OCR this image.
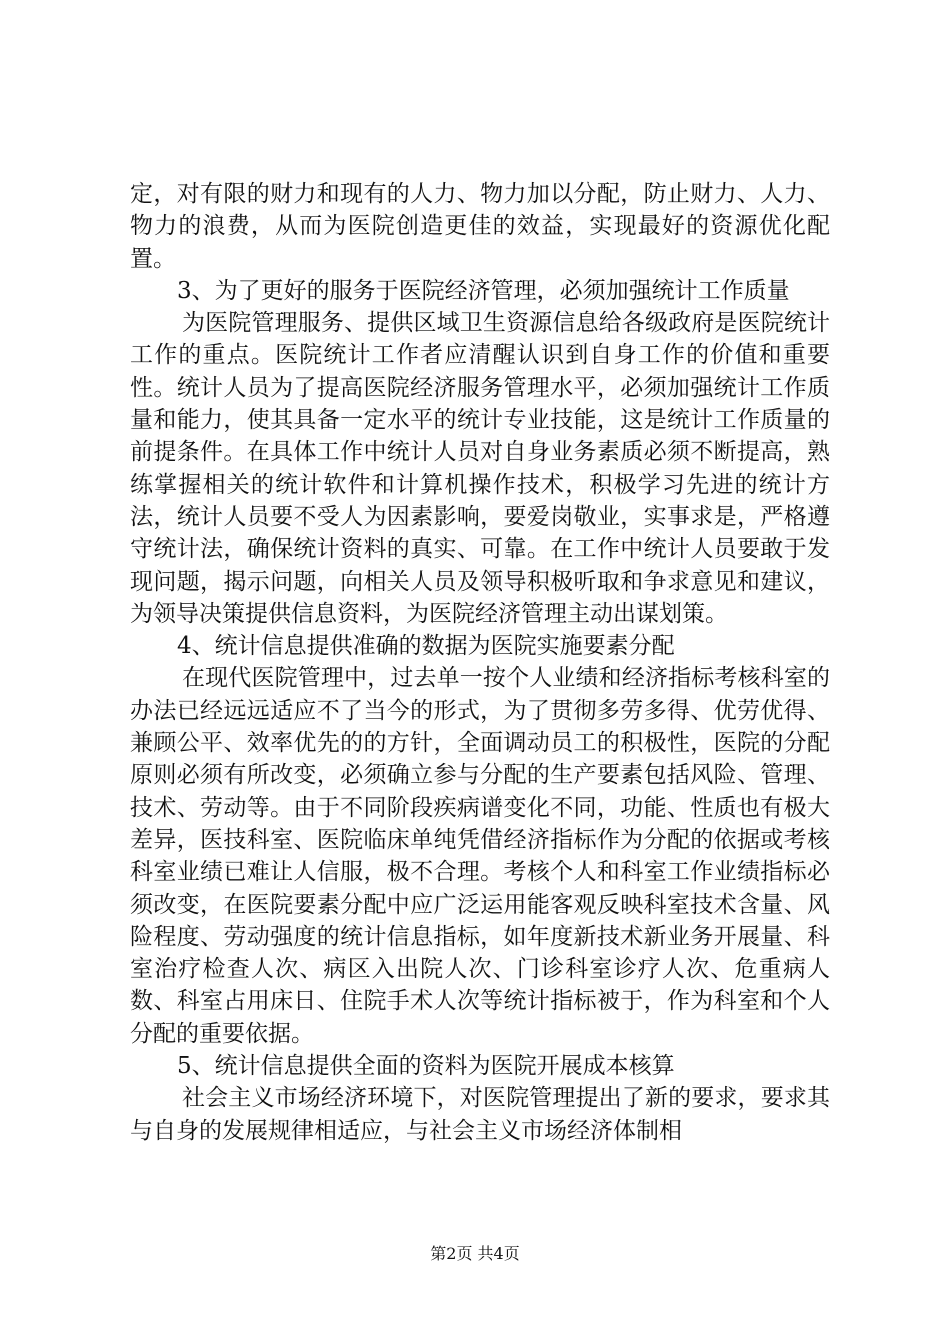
定，对有限的财力和现有的人力、物力加以分配，防止财力、人力、物力的浪费，从而为医院创造更佳的效益，实现最好的资源优化配置。

3、为了更好的服务于医院经济管理，必须加强统计工作质量

为医院管理服务、提供区域卫生资源信息给各级政府是医院统计工作的重点。医院统计工作者应清醒认识到自身工作的价值和重要性。统计人员为了提高医院经济服务管理水平，必须加强统计工作质量和能力，使其具备一定水平的统计专业技能，这是统计工作质量的前提条件。在具体工作中统计人员对自身业务素质必须不断提高，熟练掌握相关的统计软件和计算机操作技术，积极学习先进的统计方法，统计人员要不受人为因素影响，要爱岗敬业，实事求是，严格遵守统计法，确保统计资料的真实、可靠。在工作中统计人员要敢于发现问题，揭示问题，向相关人员及领导积极听取和争求意见和建议，为领导决策提供信息资料，为医院经济管理主动出谋划策。

4、统计信息提供准确的数据为医院实施要素分配

在现代医院管理中，过去单一按个人业绩和经济指标考核科室的办法已经远远适应不了当今的形式，为了贯彻多劳多得、优劳优得、兼顾公平、效率优先的的方针，全面调动员工的积极性，医院的分配原则必须有所改变，必须确立参与分配的生产要素包括风险、管理、技术、劳动等。由于不同阶段疾病谱变化不同，功能、性质也有极大差异，医技科室、医院临床单纯凭借经济指标作为分配的依据或考核科室业绩已难让人信服，极不合理。考核个人和科室工作业绩指标必须改变，在医院要素分配中应广泛运用能客观反映科室技术含量、风险程度、劳动强度的统计信息指标，如年度新技术新业务开展量、科室治疗检查人次、病区入出院人次、门诊科室诊疗人次、危重病人数、科室占用床日、住院手术人次等统计指标被于，作为科室和个人分配的重要依据。

5、统计信息提供全面的资料为医院开展成本核算

社会主义市场经济环境下，对医院管理提出了新的要求，要求其与自身的发展规律相适应，与社会主义市场经济体制相

第2页 共4页
